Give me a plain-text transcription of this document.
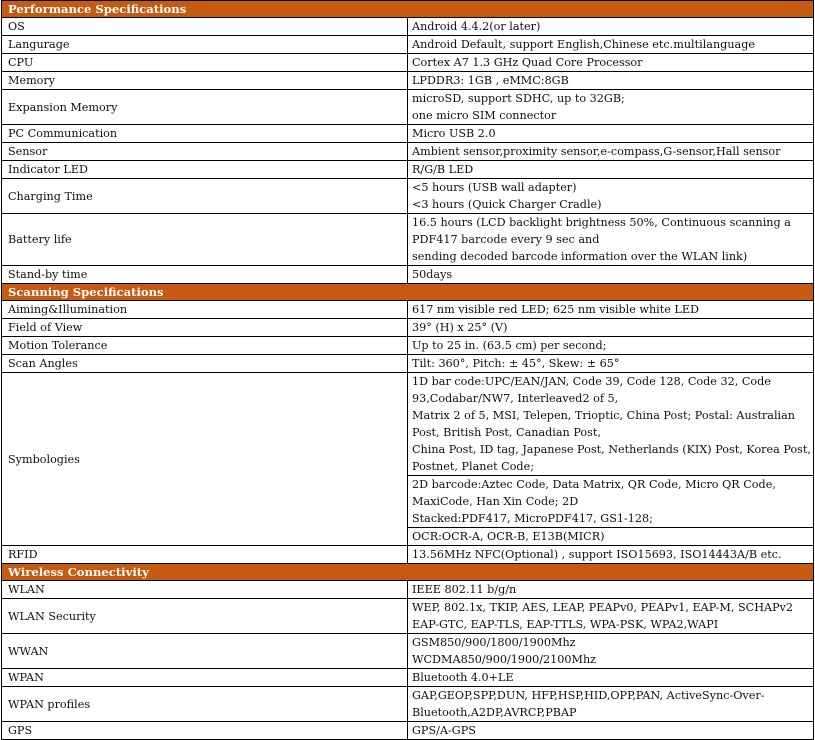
Performance Specifications	
OS	Android 4.4.2(or later)

Langurage	Android Default, support English,Chinese etc.multilanguage

CPU	Cortex A7 1.3 GHz Quad Core Processor

Memory	LPDDR3: 1GB , eMMC:8GB

Expansion Memory	microSD, support SDHC, up to 32GB;
one micro SIM connector

PC Communication	Micro USB 2.0

Sensor	Ambient sensor,proximity sensor,e-compass,G-sensor,Hall sensor

Indicator LED	R/G/B LED

Charging Time	<5 hours (USB wall adapter)
<3 hours (Quick Charger Cradle)

Battery life	16.5 hours (LCD backlight brightness 50%, Continuous scanning a PDF417 barcode every 9 sec and
sending decoded barcode information over the WLAN link)

Stand-by time	50days

Scanning Specifications	
Aiming&Illumination	617 nm visible red LED; 625 nm visible white LED

Field of View	39° (H) x 25° (V)

Motion Tolerance	Up to 25 in. (63.5 cm) per second;

Scan Angles	Tilt: 360°, Pitch: ± 45°, Skew: ± 65°

Symbologies	1D bar code:UPC/EAN/JAN, Code 39, Code 128, Code 32, Code 93,Codabar/NW7, Interleaved2 of 5,
Matrix 2 of 5, MSI, Telepen, Trioptic, China Post; Postal: Australian Post, British Post, Canadian Post,
China Post, ID tag, Japanese Post, Netherlands (KIX) Post, Korea Post, Postnet, Planet Code;

	2D barcode:Aztec Code, Data Matrix, QR Code, Micro QR Code, MaxiCode, Han Xin Code; 2D
Stacked:PDF417, MicroPDF417, GS1-128;

	OCR:OCR-A, OCR-B, E13B(MICR)

RFID	13.56MHz NFC(Optional) , support ISO15693, ISO14443A/B etc.

Wireless Connectivity	
WLAN	IEEE 802.11 b/g/n

WLAN Security	WEP, 802.1x, TKIP, AES, LEAP, PEAPv0, PEAPv1, EAP-M, SCHAPv2
EAP-GTC, EAP-TLS, EAP-TTLS, WPA-PSK, WPA2,WAPI

WWAN	GSM850/900/1800/1900Mhz
WCDMA850/900/1900/2100Mhz

WPAN	Bluetooth 4.0+LE

WPAN profiles	GAP,GEOP,SPP,DUN, HFP,HSP,HID,OPP,PAN, ActiveSync-Over-Bluetooth,A2DP,AVRCP,PBAP

GPS	GPS/A-GPS
